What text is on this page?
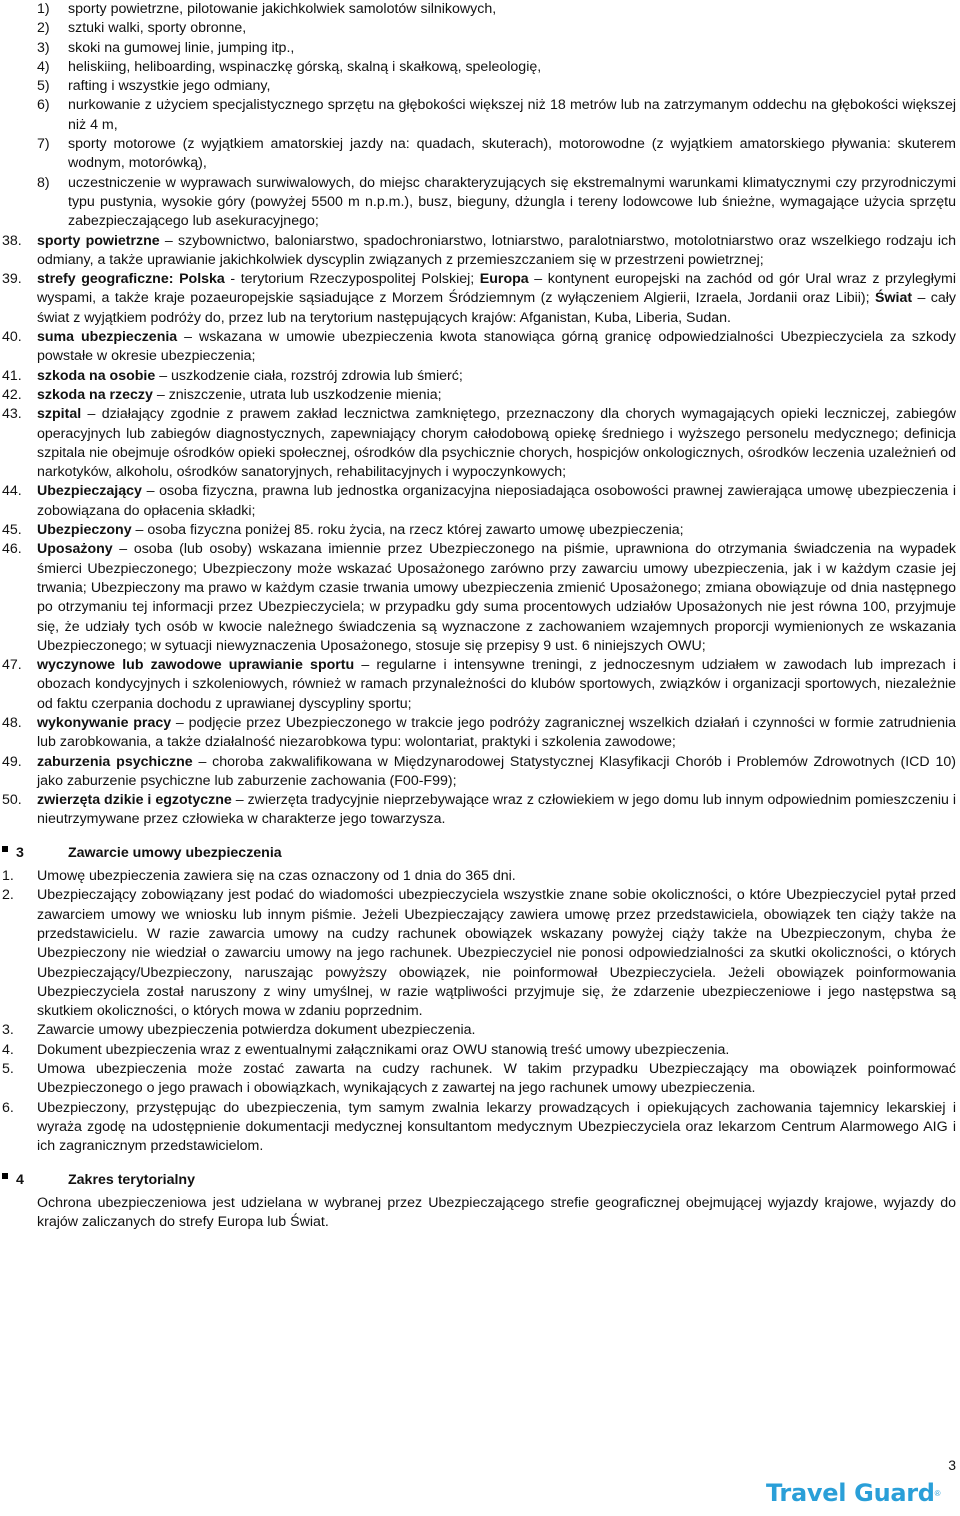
1) sporty powietrzne, pilotowanie jakichkolwiek samolotów silnikowych,
2) sztuki walki, sporty obronne,
3) skoki na gumowej linie, jumping itp.,
4) heliskiing, heliboarding, wspinaczkę górską, skalną i skałkową, speleologię,
5) rafting i wszystkie jego odmiany,
6) nurkowanie z użyciem specjalistycznego sprzętu na głębokości większej niż 18 metrów lub na zatrzymanym oddechu na głębokości większej niż 4 m,
7) sporty motorowe (z wyjątkiem amatorskiej jazdy na: quadach, skuterach), motorowodne (z wyjątkiem amatorskiego pływania: skuterem wodnym, motorówką),
8) uczestniczenie w wyprawach surwiwalowych, do miejsc charakteryzujących się ekstremalnymi warunkami klimatycznymi czy przyrodniczymi typu pustynia, wysokie góry (powyżej 5500 m n.p.m.), busz, bieguny, dżungla i tereny lodowcowe lub śnieżne, wymagające użycia sprzętu zabezpieczającego lub asekuracyjnego;
38. sporty powietrzne – szybownictwo, baloniarstwo, spadochroniarstwo, lotniarstwo, paralotniarstwo, motolotniarstwo oraz wszelkiego rodzaju ich odmiany, a także uprawianie jakichkolwiek dyscyplin związanych z przemieszczaniem się w przestrzeni powietrznej;
39. strefy geograficzne: Polska - terytorium Rzeczypospolitej Polskiej; Europa – kontynent europejski na zachód od gór Ural wraz z przyległymi wyspami, a także kraje pozaeuropejskie sąsiadujące z Morzem Śródziemnym (z wyłączeniem Algierii, Izraela, Jordanii oraz Libii); Świat – cały świat z wyjątkiem podróży do, przez lub na terytorium następujących krajów: Afganistan, Kuba, Liberia, Sudan.
40. suma ubezpieczenia – wskazana w umowie ubezpieczenia kwota stanowiąca górną granicę odpowiedzialności Ubezpieczyciela za szkody powstałe w okresie ubezpieczenia;
41. szkoda na osobie – uszkodzenie ciała, rozstrój zdrowia lub śmierć;
42. szkoda na rzeczy – zniszczenie, utrata lub uszkodzenie mienia;
43. szpital – działający zgodnie z prawem zakład lecznictwa zamkniętego, przeznaczony dla chorych wymagających opieki leczniczej, zabiegów operacyjnych lub zabiegów diagnostycznych, zapewniający chorym całodobową opiekę średniego i wyższego personelu medycznego; definicja szpitala nie obejmuje ośrodków opieki społecznej, ośrodków dla psychicznie chorych, hospicjów onkologicznych, ośrodków leczenia uzależnień od narkotyków, alkoholu, ośrodków sanatoryjnych, rehabilitacyjnych i wypoczynkowych;
44. Ubezpieczający – osoba fizyczna, prawna lub jednostka organizacyjna nieposiadająca osobowości prawnej zawierająca umowę ubezpieczenia i zobowiązana do opłacenia składki;
45. Ubezpieczony – osoba fizyczna poniżej 85. roku życia, na rzecz której zawarto umowę ubezpieczenia;
46. Uposażony – osoba (lub osoby) wskazana imiennie przez Ubezpieczonego na piśmie, uprawniona do otrzymania świadczenia na wypadek śmierci Ubezpieczonego; Ubezpieczony może wskazać Uposażonego zarówno przy zawarciu umowy ubezpieczenia, jak i w każdym czasie jej trwania; Ubezpieczony ma prawo w każdym czasie trwania umowy ubezpieczenia zmienić Uposażonego; zmiana obowiązuje od dnia następnego po otrzymaniu tej informacji przez Ubezpieczyciela; w przypadku gdy suma procentowych udziałów Uposażonych nie jest równa 100, przyjmuje się, że udziały tych osób w kwocie należnego świadczenia są wyznaczone z zachowaniem wzajemnych proporcji wymienionych ze wskazania Ubezpieczonego; w sytuacji niewyznaczenia Uposażonego, stosuje się przepisy 9 ust. 6 niniejszych OWU;
47. wyczynowe lub zawodowe uprawianie sportu – regularne i intensywne treningi, z jednoczesnym udziałem w zawodach lub imprezach i obozach kondycyjnych i szkoleniowych, również w ramach przynależności do klubów sportowych, związków i organizacji sportowych, niezależnie od faktu czerpania dochodu z uprawianej dyscypliny sportu;
48. wykonywanie pracy – podjęcie przez Ubezpieczonego w trakcie jego podróży zagranicznej wszelkich działań i czynności w formie zatrudnienia lub zarobkowania, a także działalność niezarobkowa typu: wolontariat, praktyki i szkolenia zawodowe;
49. zaburzenia psychiczne – choroba zakwalifikowana w Międzynarodowej Statystycznej Klasyfikacji Chorób i Problemów Zdrowotnych (ICD 10) jako zaburzenie psychiczne lub zaburzenie zachowania (F00-F99);
50. zwierzęta dzikie i egzotyczne – zwierzęta tradycyjnie nieprzebywające wraz z człowiekiem w jego domu lub innym odpowiednim pomieszczeniu i nieutrzymywane przez człowieka w charakterze jego towarzysza.
3	Zawarcie umowy ubezpieczenia
1. Umowę ubezpieczenia zawiera się na czas oznaczony od 1 dnia do 365 dni.
2. Ubezpieczający zobowiązany jest podać do wiadomości ubezpieczyciela wszystkie znane sobie okoliczności, o które Ubezpieczyciel pytał przed zawarciem umowy we wniosku lub innym piśmie. Jeżeli Ubezpieczający zawiera umowę przez przedstawiciela, obowiązek ten ciąży także na przedstawicielu. W razie zawarcia umowy na cudzy rachunek obowiązek wskazany powyżej ciąży także na Ubezpieczonym, chyba że Ubezpieczony nie wiedział o zawarciu umowy na jego rachunek. Ubezpieczyciel nie ponosi odpowiedzialności za skutki okoliczności, o których Ubezpieczający/Ubezpieczony, naruszając powyższy obowiązek, nie poinformował Ubezpieczyciela. Jeżeli obowiązek poinformowania Ubezpieczyciela został naruszony z winy umyślnej, w razie wątpliwości przyjmuje się, że zdarzenie ubezpieczeniowe i jego następstwa są skutkiem okoliczności, o których mowa w zdaniu poprzednim.
3. Zawarcie umowy ubezpieczenia potwierdza dokument ubezpieczenia.
4. Dokument ubezpieczenia wraz z ewentualnymi załącznikami oraz OWU stanowią treść umowy ubezpieczenia.
5. Umowa ubezpieczenia może zostać zawarta na cudzy rachunek. W takim przypadku Ubezpieczający ma obowiązek poinformować Ubezpieczonego o jego prawach i obowiązkach, wynikających z zawartej na jego rachunek umowy ubezpieczenia.
6. Ubezpieczony, przystępując do ubezpieczenia, tym samym zwalnia lekarzy prowadzących i opiekujących zachowania tajemnicy lekarskiej i wyraża zgodę na udostępnienie dokumentacji medycznej konsultantom medycznym Ubezpieczyciela oraz lekarzom Centrum Alarmowego AIG i ich zagranicznym przedstawicielom.
4	Zakres terytorialny
Ochrona ubezpieczeniowa jest udzielana w wybranej przez Ubezpieczającego strefie geograficznej obejmującej wyjazdy krajowe, wyjazdy do krajów zaliczanych do strefy Europa lub Świat.
3
Travel Guard®
